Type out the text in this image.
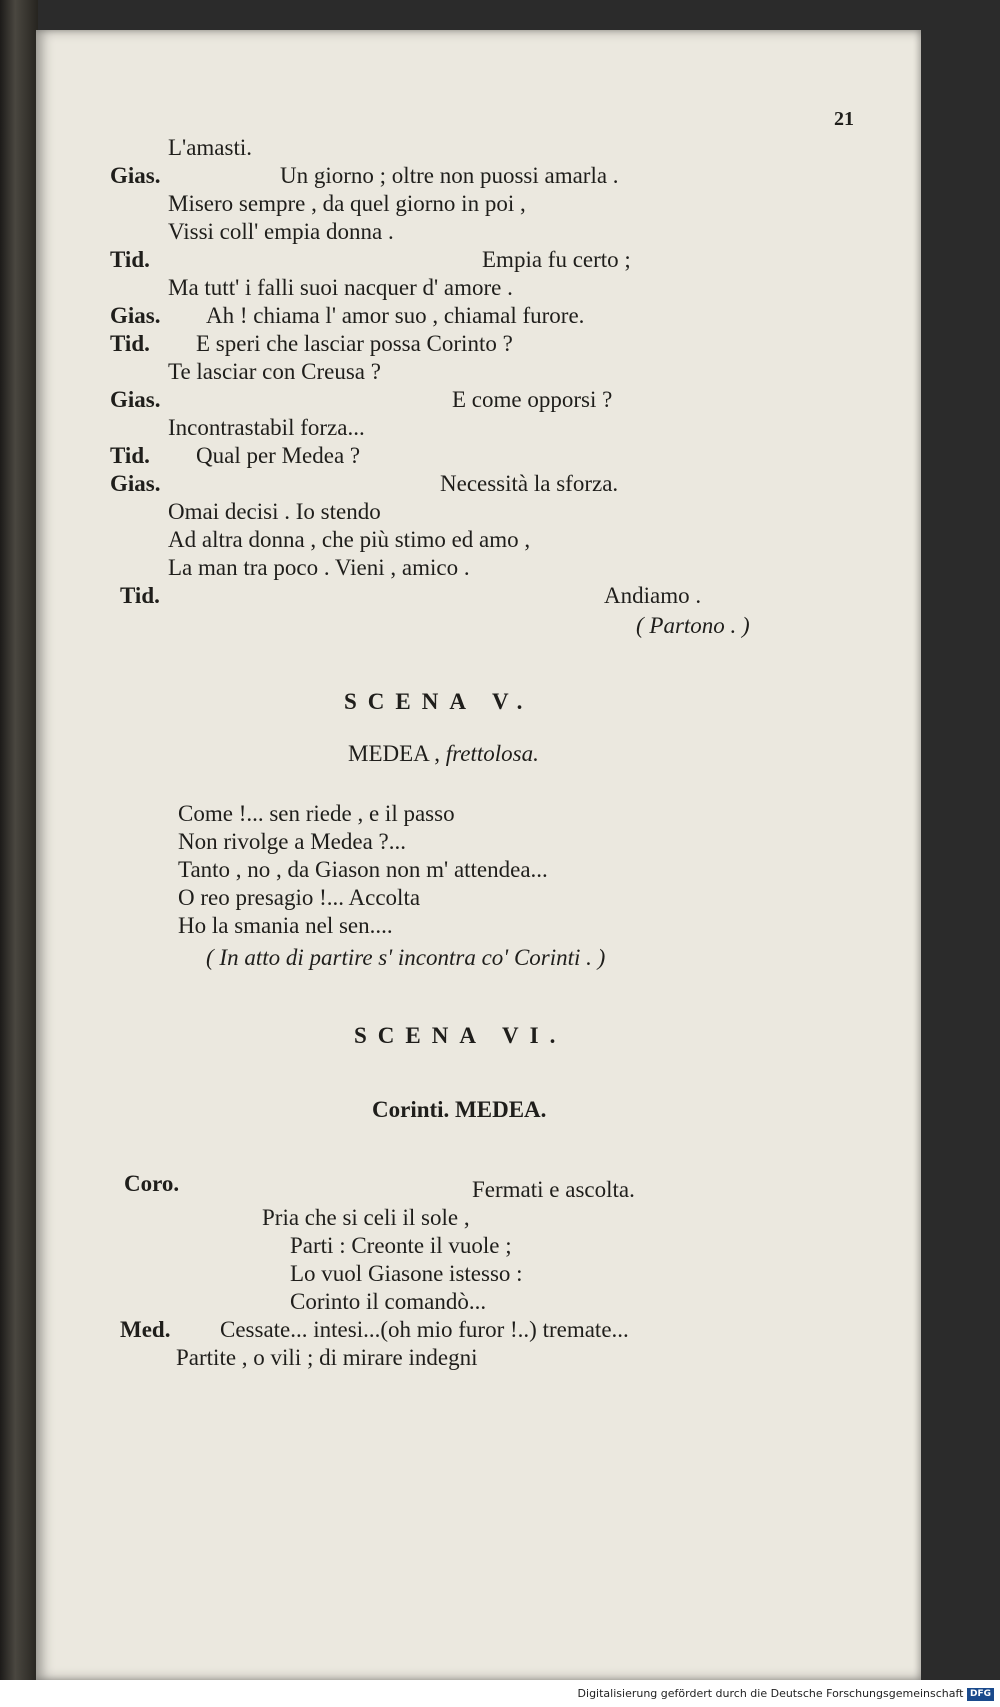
21
L'amasti.
Gias.	Un giorno ; oltre non puossi amarla .
Misero sempre , da quel giorno in poi ,
Vissi coll' empia donna .
Tid.	Empia fu certo ;
Ma tutt' i falli suoi nacquer d' amore .
Gias. Ah ! chiama l' amor suo , chiamal furore.
Tid. E speri che lasciar possa Corinto ?
Te lasciar con Creusa ?
Gias.	E come opporsi ?
Incontrastabil forza...
Tid. Qual per Medea ?
Gias.	Necessità la sforza.
Omai decisi . Io stendo
Ad altra donna , che più stimo ed amo ,
La man tra poco . Vieni , amico .
Tid.	Andiamo .
( Partono . )
SCENA V.
MEDEA , frettolosa.
Come !... sen riede , e il passo
Non rivolge a Medea ?...
Tanto , no , da Giason non m' attendea...
O reo presagio !... Accolta
Ho la smania nel sen....
( In atto di partire s' incontra co' Corinti . )
SCENA VI.
Corinti. MEDEA.
Coro.	Fermati e ascolta.
Pria che si celi il sole ,
Parti : Creonte il vuole ;
Lo vuol Giasone istesso :
Corinto il comandò...
Med. Cessate... intesi...(oh mio furor !..) tremate...
Partite , o vili ; di mirare indegni
Digitalisierung gefördert durch die Deutsche Forschungsgemeinschaft DFG
